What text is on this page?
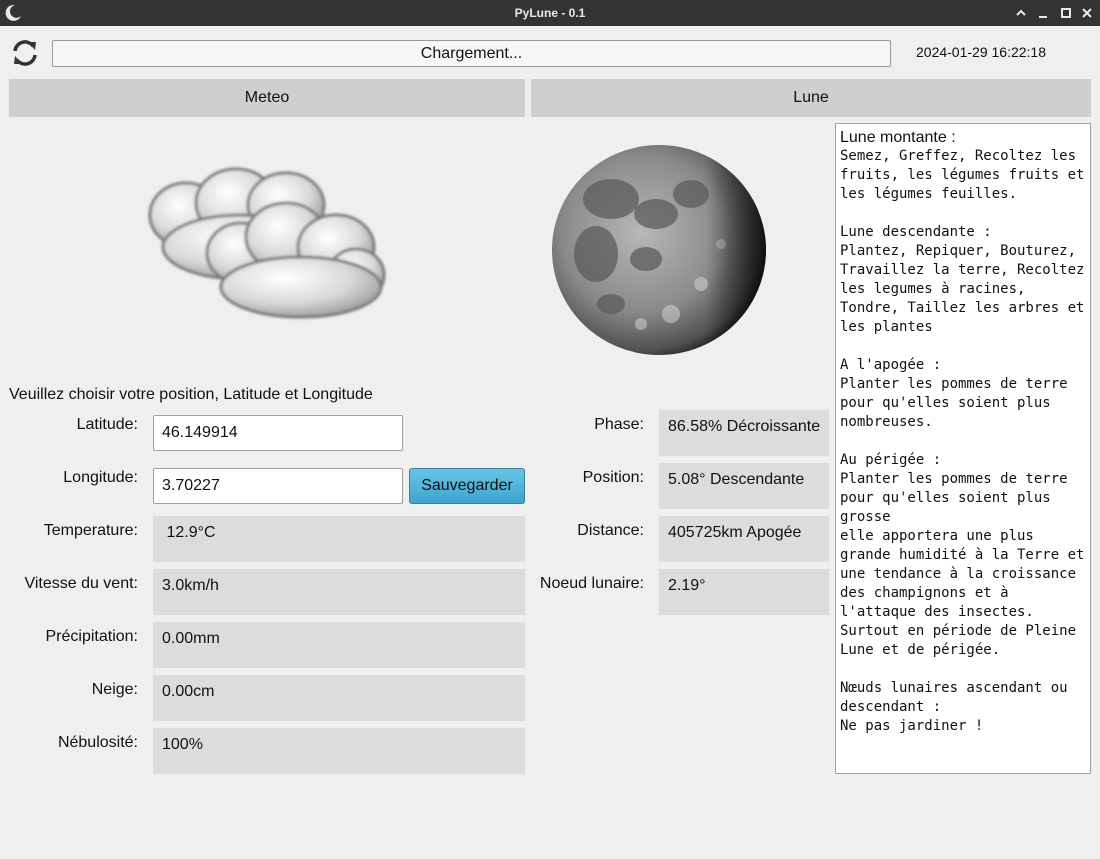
PyLune - 0.1
Chargement...	2024-01-29 16:22:18
Meteo	Lune
Veuillez choisir votre position, Latitude et Longitude
Latitude:	46.149914
Longitude:	3.70227	Sauvegarder
Temperature:	12.9°C
Vitesse du vent:	3.0km/h
Précipitation:	0.00mm
Neige:	0.00cm
Nébulosité:	100%
Phase:	86.58% Décroissante
Position:	5.08° Descendante
Distance:	405725km Apogée
Noeud lunaire:	2.19°
Lune montante :
Semez, Greffez, Recoltez les
fruits, les légumes fruits et
les légumes feuilles.

Lune descendante :
Plantez, Repiquer, Bouturez,
Travaillez la terre, Recoltez
les legumes à racines,
Tondre, Taillez les arbres et
les plantes

A l'apogée :
Planter les pommes de terre
pour qu'elles soient plus
nombreuses.

Au périgée :
Planter les pommes de terre
pour qu'elles soient plus
grosse
elle apportera une plus
grande humidité à la Terre et
une tendance à la croissance
des champignons et à
l'attaque des insectes.
Surtout en période de Pleine
Lune et de périgée.

Nœuds lunaires ascendant ou
descendant :
Ne pas jardiner !
